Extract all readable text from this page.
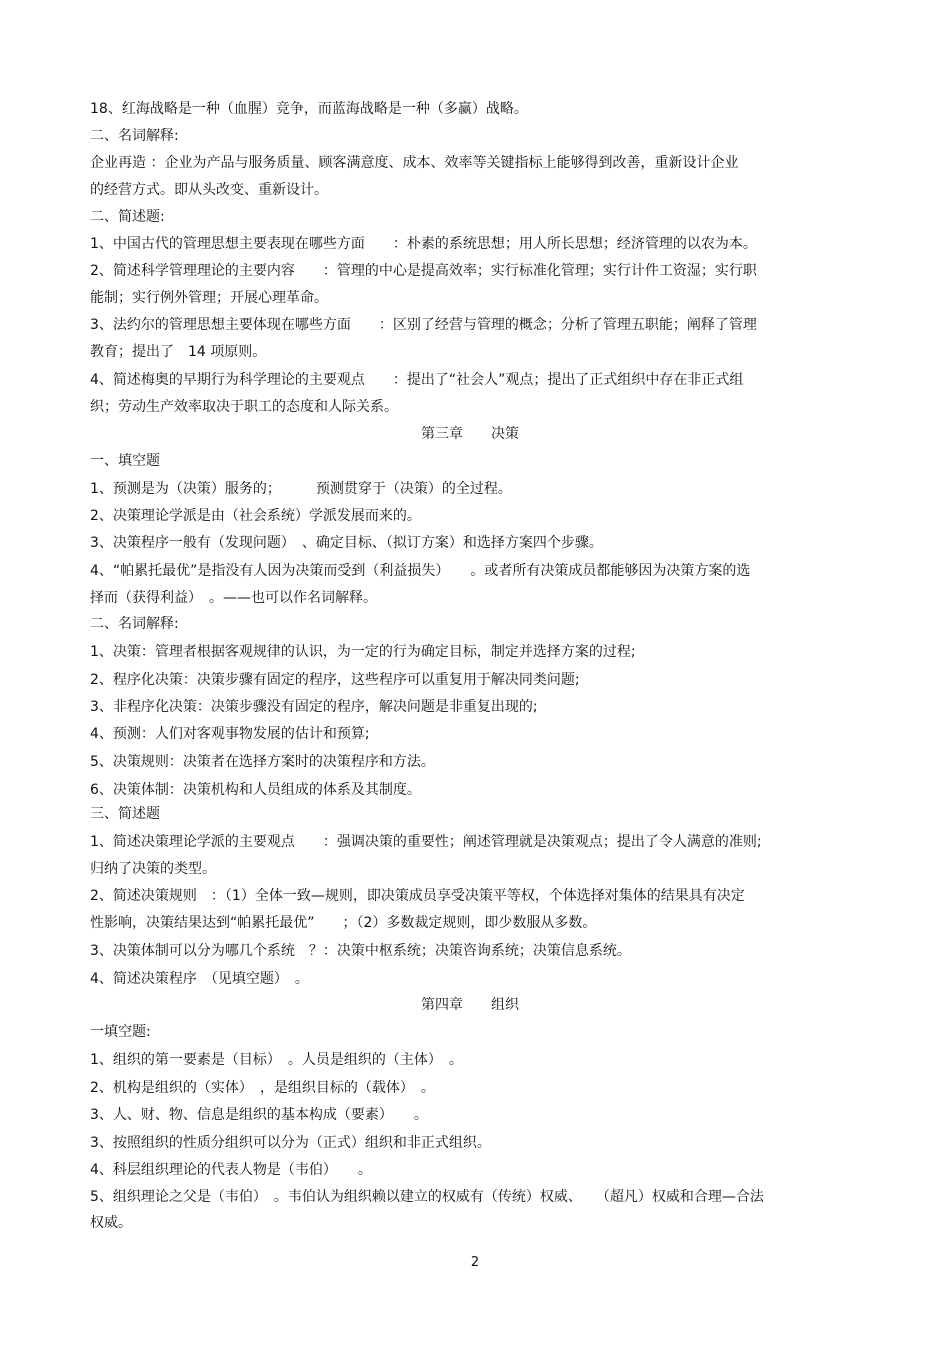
18、红海战略是一种（血腥）竞争，而蓝海战略是一种（多赢）战略。
二、名词解释:
企业再造 ：企业为产品与服务质量、顾客满意度、成本、效率等关键指标上能够得到改善，重新设计企业
的经营方式。即从头改变、重新设计。
二、简述题:
1、中国古代的管理思想主要表现在哪些方面　　：朴素的系统思想；用人所长思想；经济管理的以农为本。
2、简述科学管理理论的主要内容　　：管理的中心是提高效率；实行标准化管理；实行计件工资湿；实行职
能制；实行例外管理；开展心理革命。
3、法约尔的管理思想主要体现在哪些方面　　：区别了经营与管理的概念；分析了管理五职能；阐释了管理
教育；提出了　14 项原则。
4、简述梅奥的早期行为科学理论的主要观点　　：提出了“社会人”观点；提出了正式组织中存在非正式组
织；劳动生产效率取决于职工的态度和人际关系。
第三章　　决策
一、填空题
1、预测是为（决策）服务的；　　　预测贯穿于（决策）的全过程。
2、决策理论学派是由（社会系统）学派发展而来的。
3、决策程序一般有（发现问题）　、确定目标、（拟订方案）和选择方案四个步骤。
4、“帕累托最优”是指没有人因为决策而受到（利益损失）　　。或者所有决策成员都能够因为决策方案的选
择而（获得利益）　。——也可以作名词解释。
二、名词解释:
1、决策：管理者根据客观规律的认识，为一定的行为确定目标，制定并选择方案的过程;
2、程序化决策：决策步骤有固定的程序，这些程序可以重复用于解决同类问题;
3、非程序化决策：决策步骤没有固定的程序，解决问题是非重复出现的;
4、预测：人们对客观事物发展的估计和预算;
5、决策规则：决策者在选择方案时的决策程序和方法。
6、决策体制：决策机构和人员组成的体系及其制度。
三、简述题
1、简述决策理论学派的主要观点　　：强调决策的重要性；阐述管理就是决策观点；提出了令人满意的准则;
归纳了决策的类型。
2、简述决策规则　：（1）全体一致—规则，即决策成员享受决策平等权，个体选择对集体的结果具有决定
性影响，决策结果达到“帕累托最优”　　；（2）多数裁定规则，即少数服从多数。
3、决策体制可以分为哪几个系统　？：决策中枢系统；决策咨询系统；决策信息系统。
4、简述决策程序　（见填空题）　。
第四章　　组织
一填空题:
1、组织的第一要素是（目标）　。人员是组织的（主体）　。
2、机构是组织的（实体）　，是组织目标的（载体）　。
3、人、财、物、信息是组织的基本构成（要素）　　。
3、按照组织的性质分组织可以分为（正式）组织和非正式组织。
4、科层组织理论的代表人物是（韦伯）　　。
5、组织理论之父是（韦伯）　。韦伯认为组织赖以建立的权威有（传统）权威、　　（超凡）权威和合理—合法
权威。
2
